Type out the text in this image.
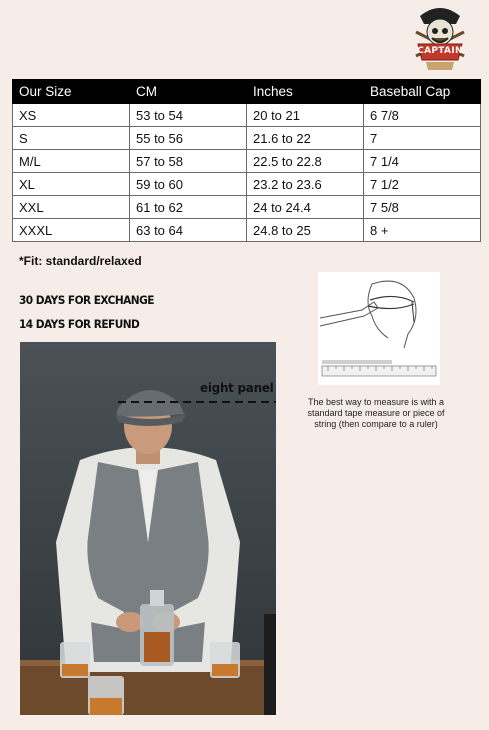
CAPTAIN
Our Size	CM	Inches	Baseball Cap
XS	53 to 54	20 to 21	6 7/8
S	55 to 56	21.6 to 22	7
M/L	57 to 58	22.5 to 22.8	7 1/4
XL	59 to 60	23.2 to 23.6	7 1/2
XXL	61 to 62	24 to 24.4	7 5/8
XXXL	63 to 64	24.8 to 25	8 +
*Fit: standard/relaxed
30 DAYS FOR EXCHANGE
14 DAYS FOR REFUND
eight panel
The best way to measure is with a standard tape measure or piece of string (then compare to a ruler)
